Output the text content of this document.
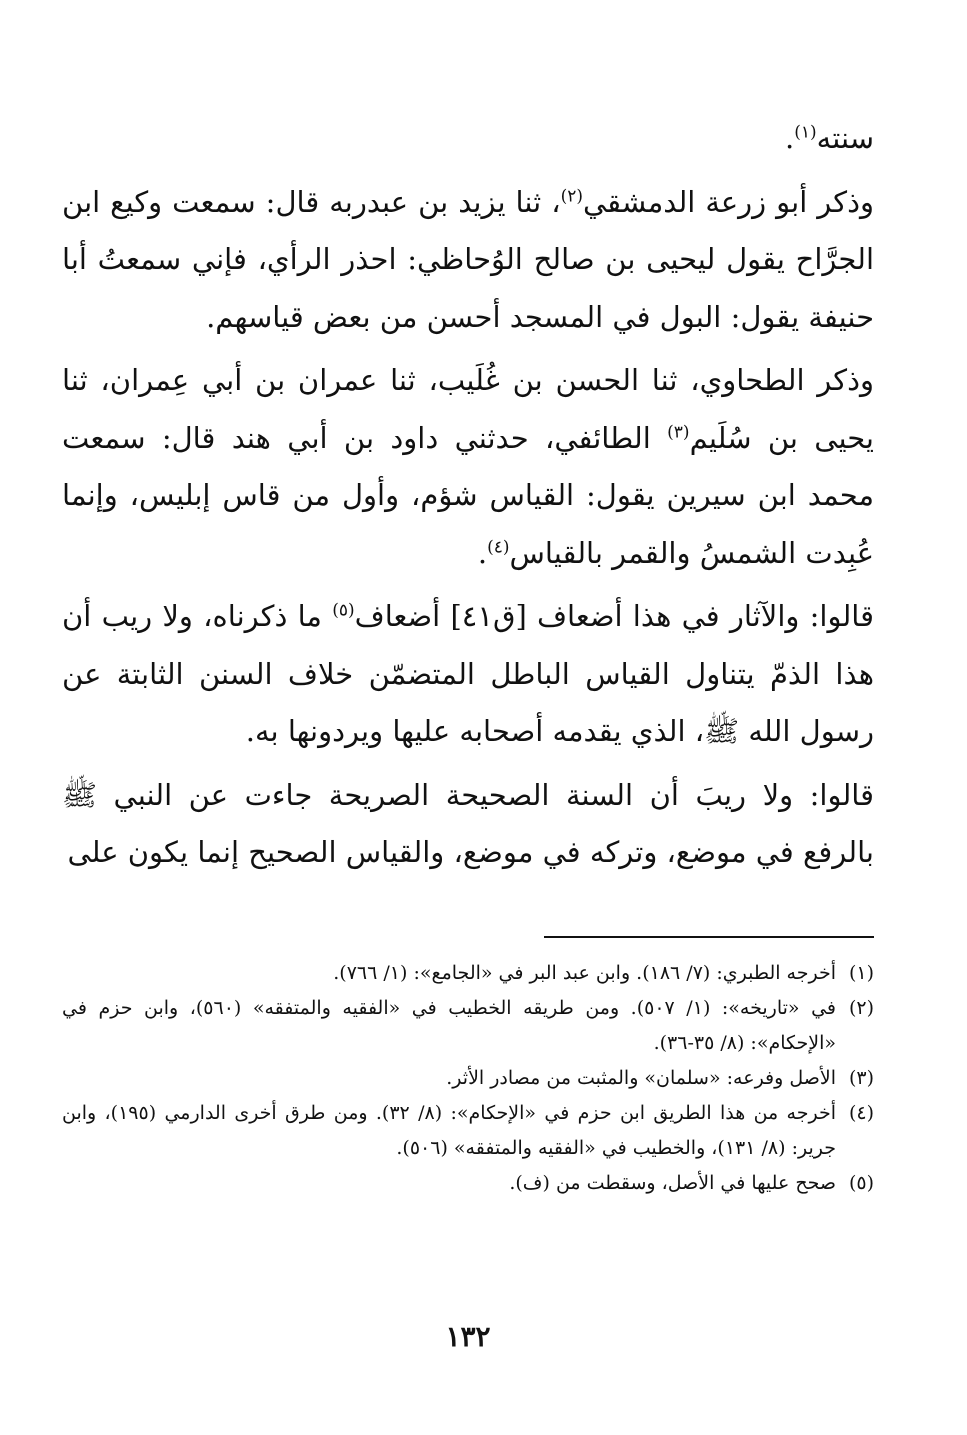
سنته$^{(١)}$.

وذكر أبو زرعة الدمشقي$^{(٢)}$، ثنا يزيد بن عبدربه قال: سمعت وكيع ابن الجرَّاح يقول ليحيى بن صالح الوُحاظي: احذر الرأي، فإني سمعتُ أبا حنيفة يقول: البول في المسجد أحسن من بعض قياسهم.

وذكر الطحاوي، ثنا الحسن بن غُلَيب، ثنا عمران بن أبي عِمران، ثنا يحيى بن سُلَيم$^{(٣)}$ الطائفي، حدثني داود بن أبي هند قال: سمعت محمد ابن سيرين يقول: القياس شؤم، وأول من قاس إبليس، وإنما عُبِدت الشمسُ والقمر بالقياس$^{(٤)}$.

قالوا: والآثار في هذا أضعاف [ق٤١] أضعاف$^{(٥)}$ ما ذكرناه، ولا ريب أن هذا الذمّ يتناول القياس الباطل المتضمّن خلاف السنن الثابتة عن رسول الله ﷺ، الذي يقدمه أصحابه عليها ويردونها به.

قالوا: ولا ريبَ أن السنة الصحيحة الصريحة جاءت عن النبي ﷺ بالرفع في موضع، وتركه في موضع، والقياس الصحيح إنما يكون على

(١)
أخرجه الطبري: (٧/ ١٨٦). وابن عبد البر في «الجامع»: (١/ ٧٦٦).

(٢)
في «تاريخه»: (١/ ٥٠٧). ومن طريقه الخطيب في «الفقيه والمتفقه» (٥٦٠)، وابن حزم في «الإحكام»: (٨/ ٣٥-٣٦).

(٣)
الأصل وفرعه: «سلمان» والمثبت من مصادر الأثر.

(٤)
أخرجه من هذا الطريق ابن حزم في «الإحكام»: (٨/ ٣٢). ومن طرق أخرى الدارمي (١٩٥)، وابن جرير: (٨/ ١٣١)، والخطيب في «الفقيه والمتفقه» (٥٠٦).

(٥)
صحح عليها في الأصل، وسقطت من (ف).

١٣٢
